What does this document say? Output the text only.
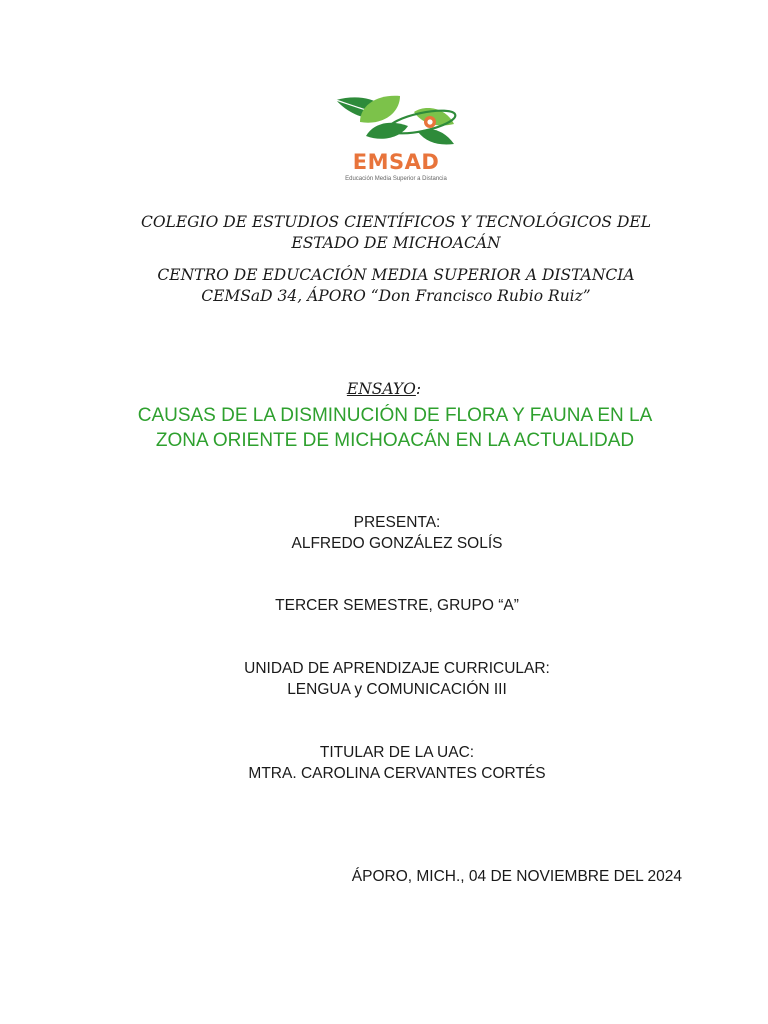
EMSAD
Educación Media Superior a Distancia
COLEGIO DE ESTUDIOS CIENTÍFICOS Y TECNOLÓGICOS DEL
ESTADO DE MICHOACÁN
CENTRO DE EDUCACIÓN MEDIA SUPERIOR A DISTANCIA
CEMSaD 34, ÁPORO “Don Francisco Rubio Ruiz”
ENSAYO:
CAUSAS DE LA DISMINUCIÓN DE FLORA Y FAUNA EN LA
ZONA ORIENTE DE MICHOACÁN EN LA ACTUALIDAD
PRESENTA:
ALFREDO GONZÁLEZ SOLÍS
TERCER SEMESTRE, GRUPO “A”
UNIDAD DE APRENDIZAJE CURRICULAR:
LENGUA y COMUNICACIÓN III
TITULAR DE LA UAC:
MTRA. CAROLINA CERVANTES CORTÉS
ÁPORO, MICH., 04 DE NOVIEMBRE DEL 2024
